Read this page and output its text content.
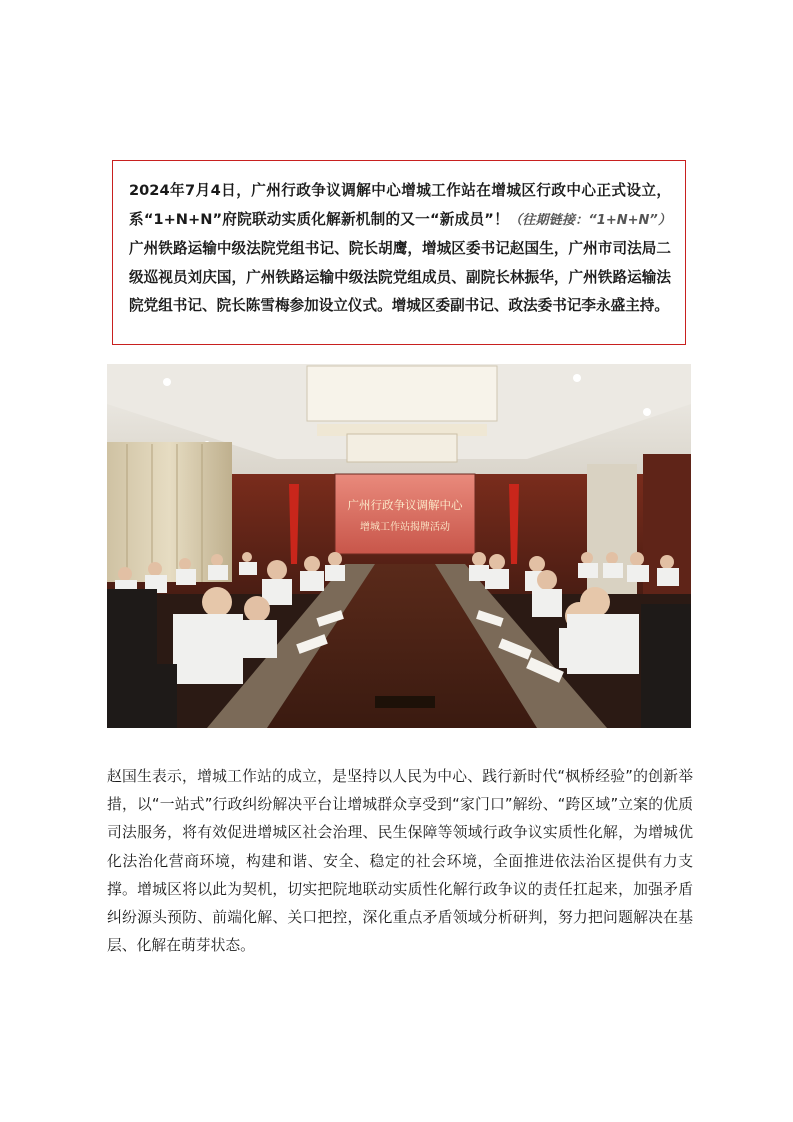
2024年7月4日，广州行政争议调解中心增城工作站在增城区行政中心正式设立，系“1+N+N”府院联动实质化解新机制的又一“新成员”！（往期链接：“1+N+N”）广州铁路运输中级法院党组书记、院长胡鹰，增城区委书记赵国生，广州市司法局二级巡视员刘庆国，广州铁路运输中级法院党组成员、副院长林振华，广州铁路运输法院党组书记、院长陈雪梅参加设立仪式。增城区委副书记、政法委书记李永盛主持。

广州行政争议调解中心
增城工作站揭牌活动

赵国生表示，增城工作站的成立，是坚持以人民为中心、践行新时代“枫桥经验”的创新举措，以“一站式”行政纠纷解决平台让增城群众享受到“家门口”解纷、“跨区域”立案的优质司法服务，将有效促进增城区社会治理、民生保障等领域行政争议实质性化解，为增城优化法治化营商环境，构建和谐、安全、稳定的社会环境，全面推进依法治区提供有力支撑。增城区将以此为契机，切实把院地联动实质性化解行政争议的责任扛起来，加强矛盾纠纷源头预防、前端化解、关口把控，深化重点矛盾领域分析研判，努力把问题解决在基层、化解在萌芽状态。
